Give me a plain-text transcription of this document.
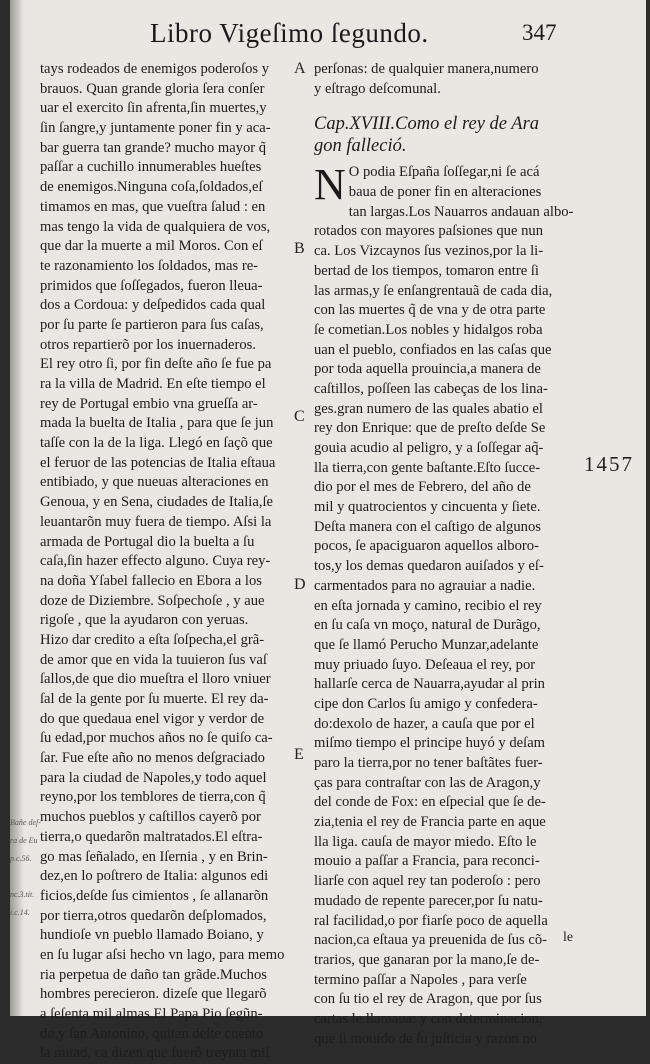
Libro Vigeſimo ſegundo.	347
tays rodeados de enemigos poderoſos y
brauos. Quan grande gloria ſera conſer
uar el exercito ſin afrenta,ſin muertes,y
ſin ſangre,y juntamente poner fin y aca-
bar guerra tan grande? mucho mayor q̃
paſſar a cuchillo innumerables hueſtes
de enemigos.Ninguna coſa,ſoldados,eſ
timamos en mas, que vueſtra ſalud : en
mas tengo la vida de qualquiera de vos,
que dar la muerte a mil Moros. Con eſ
te razonamiento los ſoldados, mas re-
primidos que ſoſſegados, fueron lleua-
dos a Cordoua: y deſpedidos cada qual
por ſu parte ſe partieron para ſus caſas,
otros repartierõ por los inuernaderos.
El rey otro ſi, por fin deſte año ſe fue pa
ra la villa de Madrid. En eſte tiempo el
rey de Portugal embio vna grueſſa ar-
mada la buelta de Italia , para que ſe jun
taſſe con la de la liga. Llegó en ſaçõ que
el feruor de las potencias de Italia eſtaua
entibiado, y que nueuas alteraciones en
Genoua, y en Sena, ciudades de Italia,ſe
leuantarõn muy fuera de tiempo. Aſsi la
armada de Portugal dio la buelta a ſu
caſa,ſin hazer effecto alguno. Cuya rey-
na doña Yſabel fallecio en Ebora a los
doze de Diziembre. Soſpechoſe , y aue
rigoſe , que la ayudaron con yeruas.
Hizo dar credito a eſta ſoſpecha,el grã-
de amor que en vida la tuuieron ſus vaſ
ſallos,de que dio mueſtra el lloro vniuer
ſal de la gente por ſu muerte. El rey da-
do que quedaua enel vigor y verdor de
ſu edad,por muchos años no ſe quiſo ca-
ſar. Fue eſte año no menos deſgraciado
para la ciudad de Napoles,y todo aquel
reyno,por los temblores de tierra,con q̃
muchos pueblos y caſtillos cayerõ por
tierra,o quedarõn maltratados.El eſtra-
go mas ſeñalado, en Iſernia , y en Brin-
dez,en lo poſtrero de Italia: algunos edi
ficios,deſde ſus cimientos , ſe allanarõn
por tierra,otros quedarõn deſplomados,
hundioſe vn pueblo llamado Boiano, y
en ſu lugar aſsi hecho vn lago, para memo
ria perpetua de daño tan grãde.Muchos
hombres perecieron. dizeſe que llegarõ
a ſeſenta mil almas.El Papa Pio ſegũn-
do,y ſan Antonino, quitan deſte cuento
la mitad, ca dizen que fuerõ treynta mil
perſonas: de qualquier manera,numero
y eſtrago deſcomunal.
Cap.XVIII.Como el rey de Ara
gon falleció.
N O podia Eſpaña ſoſſegar,ni ſe acá
baua de poner fin en alteraciones
tan largas.Los Nauarros andauan albo-
rotados con mayores paſsiones que nun
ca. Los Vizcaynos ſus vezinos,por la li-
bertad de los tiempos, tomaron entre ſi
las armas,y ſe enſangrentauã de cada dia,
con las muertes q̃ de vna y de otra parte
ſe cometian.Los nobles y hidalgos roba
uan el pueblo, confiados en las caſas que
por toda aquella prouincia,a manera de
caſtillos, poſſeen las cabeças de los lina-
ges.gran numero de las quales abatio el
rey don Enrique: que de preſto deſde Se
gouia acudio al peligro, y a ſoſſegar aq̃-
lla tierra,con gente baſtante.Eſto ſucce-
dio por el mes de Febrero, del año de
mil y quatrocientos y cincuenta y ſiete.
Deſta manera con el caſtigo de algunos
pocos, ſe apaciguaron aquellos alboro-
tos,y los demas quedaron auiſados y eſ-
carmentados para no agrauiar a nadie.
en eſta jornada y camino, recibio el rey
en ſu caſa vn moço, natural de Durãgo,
que ſe llamó Perucho Munzar,adelante
muy priuado ſuyo. Deſeaua el rey, por
hallarſe cerca de Nauarra,ayudar al prin
cipe don Carlos ſu amigo y confedera-
do:dexolo de hazer, a cauſa que por el
miſmo tiempo el principe huyó y deſam
paro la tierra,por no tener baſtãtes fuer-
ças para contraſtar con las de Aragon,y
del conde de Fox: en eſpecial que ſe de-
zia,tenia el rey de Francia parte en aque
lla liga. cauſa de mayor miedo. Eſto le
mouio a paſſar a Francia, para reconci-
liarſe con aquel rey tan poderoſo : pero
mudado de repente parecer,por ſu natu-
ral facilidad,o por fiarſe poco de aquella
nacion,ca eſtaua ya preuenida de ſus cõ-
trarios, que ganaran por la mano,ſe de-
termino paſſar a Napoles , para verſe
con ſu tio el rey de Aragon, que por ſus
cartas le llamaua: y con determinacion,
que ſi mouido de ſu juſticia y razon no
A
B
C
D
E
1457
Bañe deſ-
ra de Eu
p.c.56.
nc.3.tit.
i.c.14.
le
